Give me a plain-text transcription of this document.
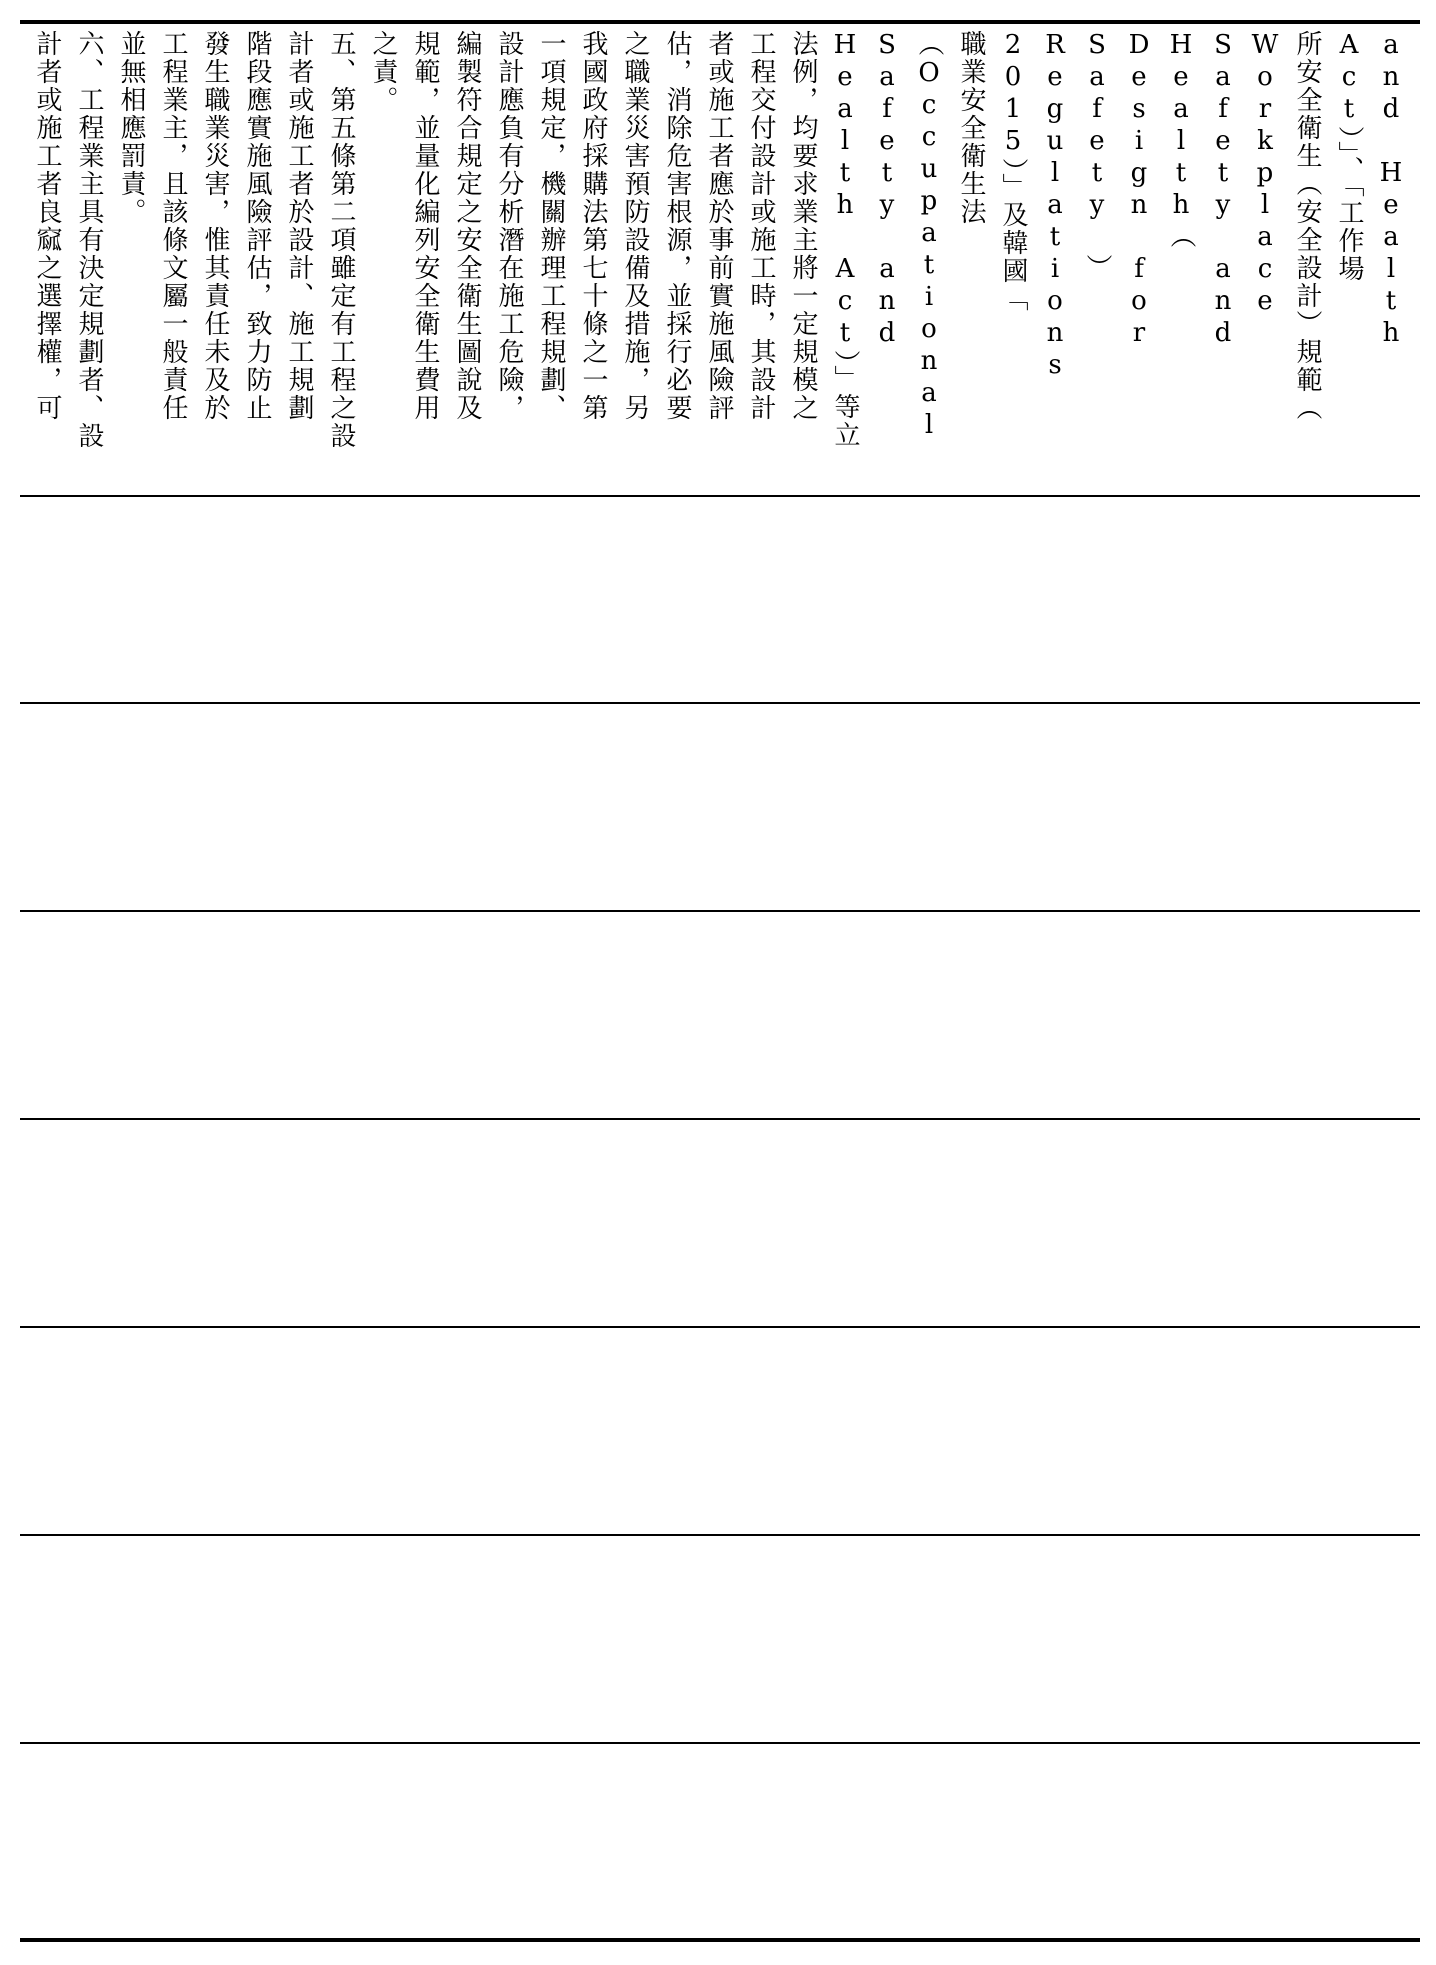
and Health Act）」、「工作場
所安全衛生（安全設計）規範（
Workplace Safety and Health（
Design for Safety ）
Regulations 2015）」及韓國「
職業安全衛生法（Occupational
Safety and Health Act）」等立
法例，均要求業主將一定規模之
工程交付設計或施工時，其設計
者或施工者應於事前實施風險評
估，消除危害根源，並採行必要
之職業災害預防設備及措施，另
我國政府採購法第七十條之一第
一項規定，機關辦理工程規劃、
設計應負有分析潛在施工危險，
編製符合規定之安全衛生圖說及
規範，並量化編列安全衛生費用
之責。
五、第五條第二項雖定有工程之設
計者或施工者於設計、施工規劃
階段應實施風險評估，致力防止
發生職業災害，惟其責任未及於
工程業主，且該條文屬一般責任
並無相應罰責。
六、工程業主具有決定規劃者、設
計者或施工者良窳之選擇權，可
